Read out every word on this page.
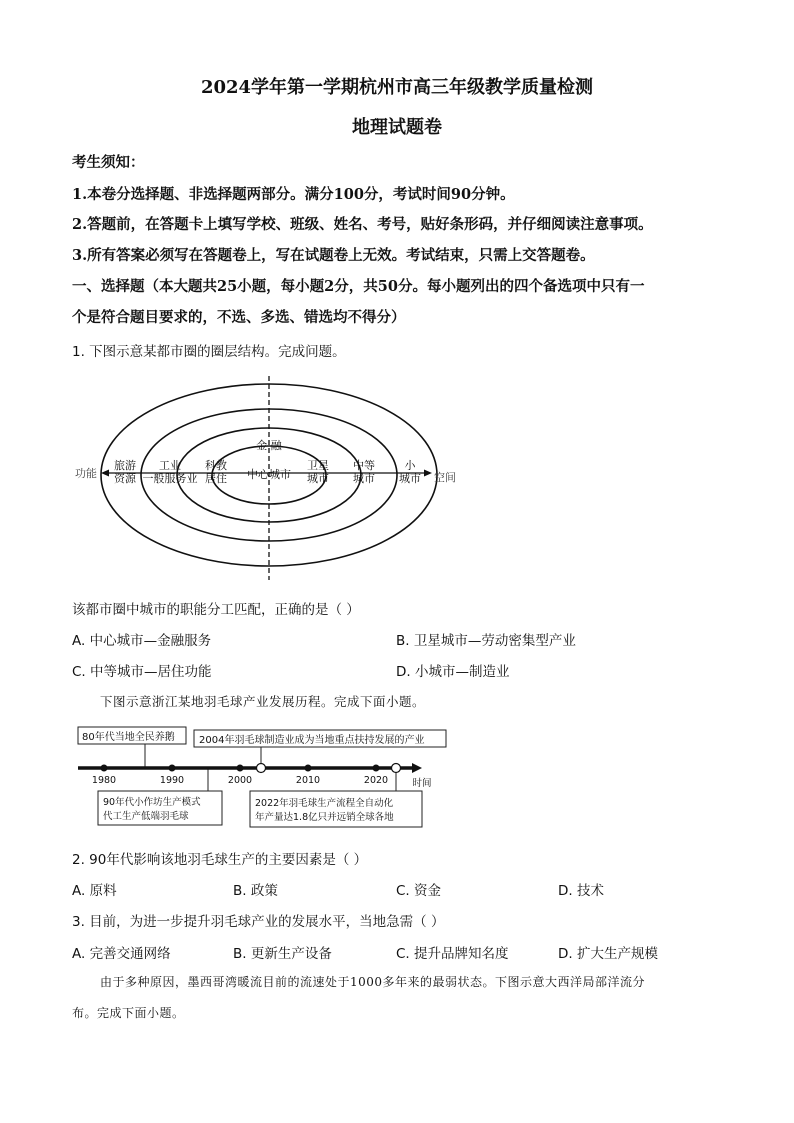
2024学年第一学期杭州市高三年级教学质量检测
地理试题卷
考生须知：
1.本卷分选择题、非选择题两部分。满分100分，考试时间90分钟。
2.答题前，在答题卡上填写学校、班级、姓名、考号，贴好条形码，并仔细阅读注意事项。
3.所有答案必须写在答题卷上，写在试题卷上无效。考试结束，只需上交答题卷。
一、选择题（本大题共25小题，每小题2分，共50分。每小题列出的四个备选项中只有一
个是符合题目要求的，不选、多选、错选均不得分）
1. 下图示意某都市圈的圈层结构。完成问题。
功能	空间
金 融
旅游
资源
工业
一般服务业
科教
居住 中心城市
卫星
城市
中等
城市
小
城市
该都市圈中城市的职能分工匹配，正确的是（ ）
A. 中心城市—金融服务	B. 卫星城市—劳动密集型产业
C. 中等城市—居住功能	D. 小城市—制造业
下图示意浙江某地羽毛球产业发展历程。完成下面小题。
80年代当地全民养鹅 2004年羽毛球制造业成为当地重点扶持发展的产业
1980	1990	2000	2010	2020	时间
90年代小作坊生产模式
代工生产低端羽毛球
2022年羽毛球生产流程全自动化
年产量达1.8亿只并远销全球各地
2. 90年代影响该地羽毛球生产的主要因素是（ ）
A. 原料	B. 政策	C. 资金	D. 技术
3. 目前，为进一步提升羽毛球产业的发展水平，当地急需（ ）
A. 完善交通网络	B. 更新生产设备	C. 提升品牌知名度	D. 扩大生产规模
由于多种原因，墨西哥湾暖流目前的流速处于1000多年来的最弱状态。下图示意大西洋局部洋流分
布。完成下面小题。
